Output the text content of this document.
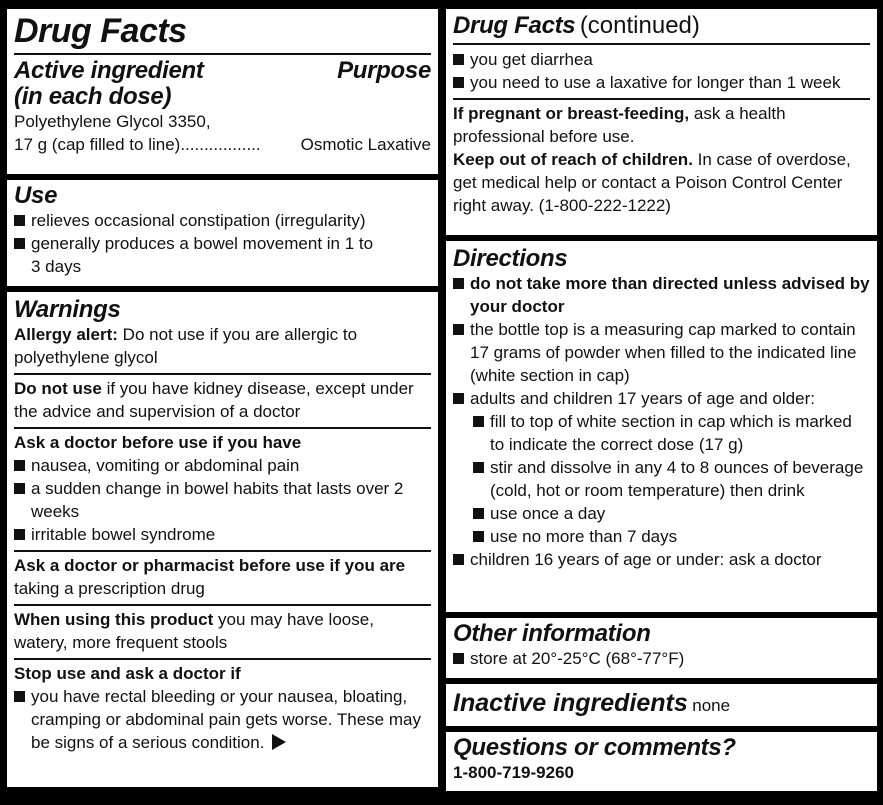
Drug Facts
Active ingredient
(in each dose)
Purpose
Polyethylene Glycol 3350,
17 g (cap filled to line) .................	Osmotic Laxative
Use
relieves occasional constipation (irregularity)
generally produces a bowel movement in 1 to 3 days
Warnings
Allergy alert: Do not use if you are allergic to polyethylene glycol
Do not use if you have kidney disease, except under the advice and supervision of a doctor
Ask a doctor before use if you have
nausea, vomiting or abdominal pain
a sudden change in bowel habits that lasts over 2 weeks
irritable bowel syndrome
Ask a doctor or pharmacist before use if you are taking a prescription drug
When using this product you may have loose, watery, more frequent stools
Stop use and ask a doctor if
you have rectal bleeding or your nausea, bloating, cramping or abdominal pain gets worse. These may be signs of a serious condition.
Drug Facts (continued)
you get diarrhea
you need to use a laxative for longer than 1 week
If pregnant or breast-feeding, ask a health professional before use.
Keep out of reach of children. In case of overdose, get medical help or contact a Poison Control Center right away. (1-800-222-1222)
Directions
do not take more than directed unless advised by your doctor
the bottle top is a measuring cap marked to contain 17 grams of powder when filled to the indicated line (white section in cap)
adults and children 17 years of age and older:
fill to top of white section in cap which is marked to indicate the correct dose (17 g)
stir and dissolve in any 4 to 8 ounces of beverage (cold, hot or room temperature) then drink
use once a day
use no more than 7 days
children 16 years of age or under: ask a doctor
Other information
store at 20°-25°C (68°-77°F)
Inactive ingredients none
Questions or comments?
1-800-719-9260
